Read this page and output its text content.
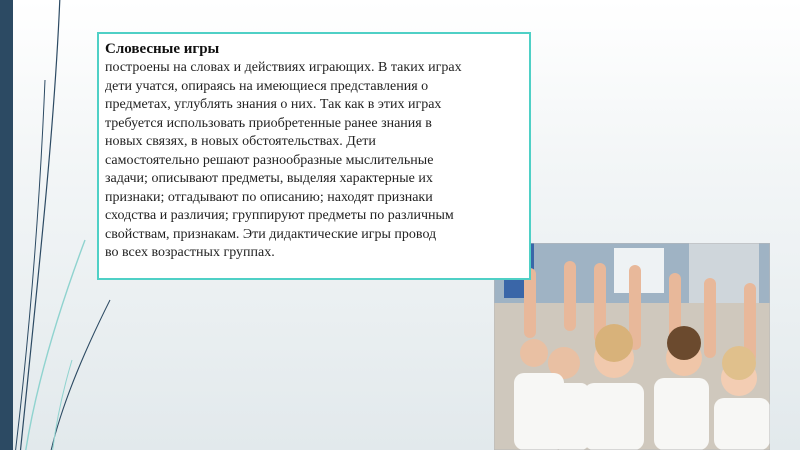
Словесные игры

построены на словах и действиях играющих. В таких играх
дети учатся, опираясь на имеющиеся представления о
предметах, углублять знания о них. Так как в этих играх
требуется использовать приобретенные ранее знания в
новых связях, в новых обстоятельствах. Дети
самостоятельно решают разнообразные мыслительные
задачи; описывают предметы, выделяя характерные их
признаки; отгадывают по описанию; находят признаки
сходства и различия; группируют предметы по различным
свойствам, признакам. Эти дидактические игры провод
во всех возрастных группах.
